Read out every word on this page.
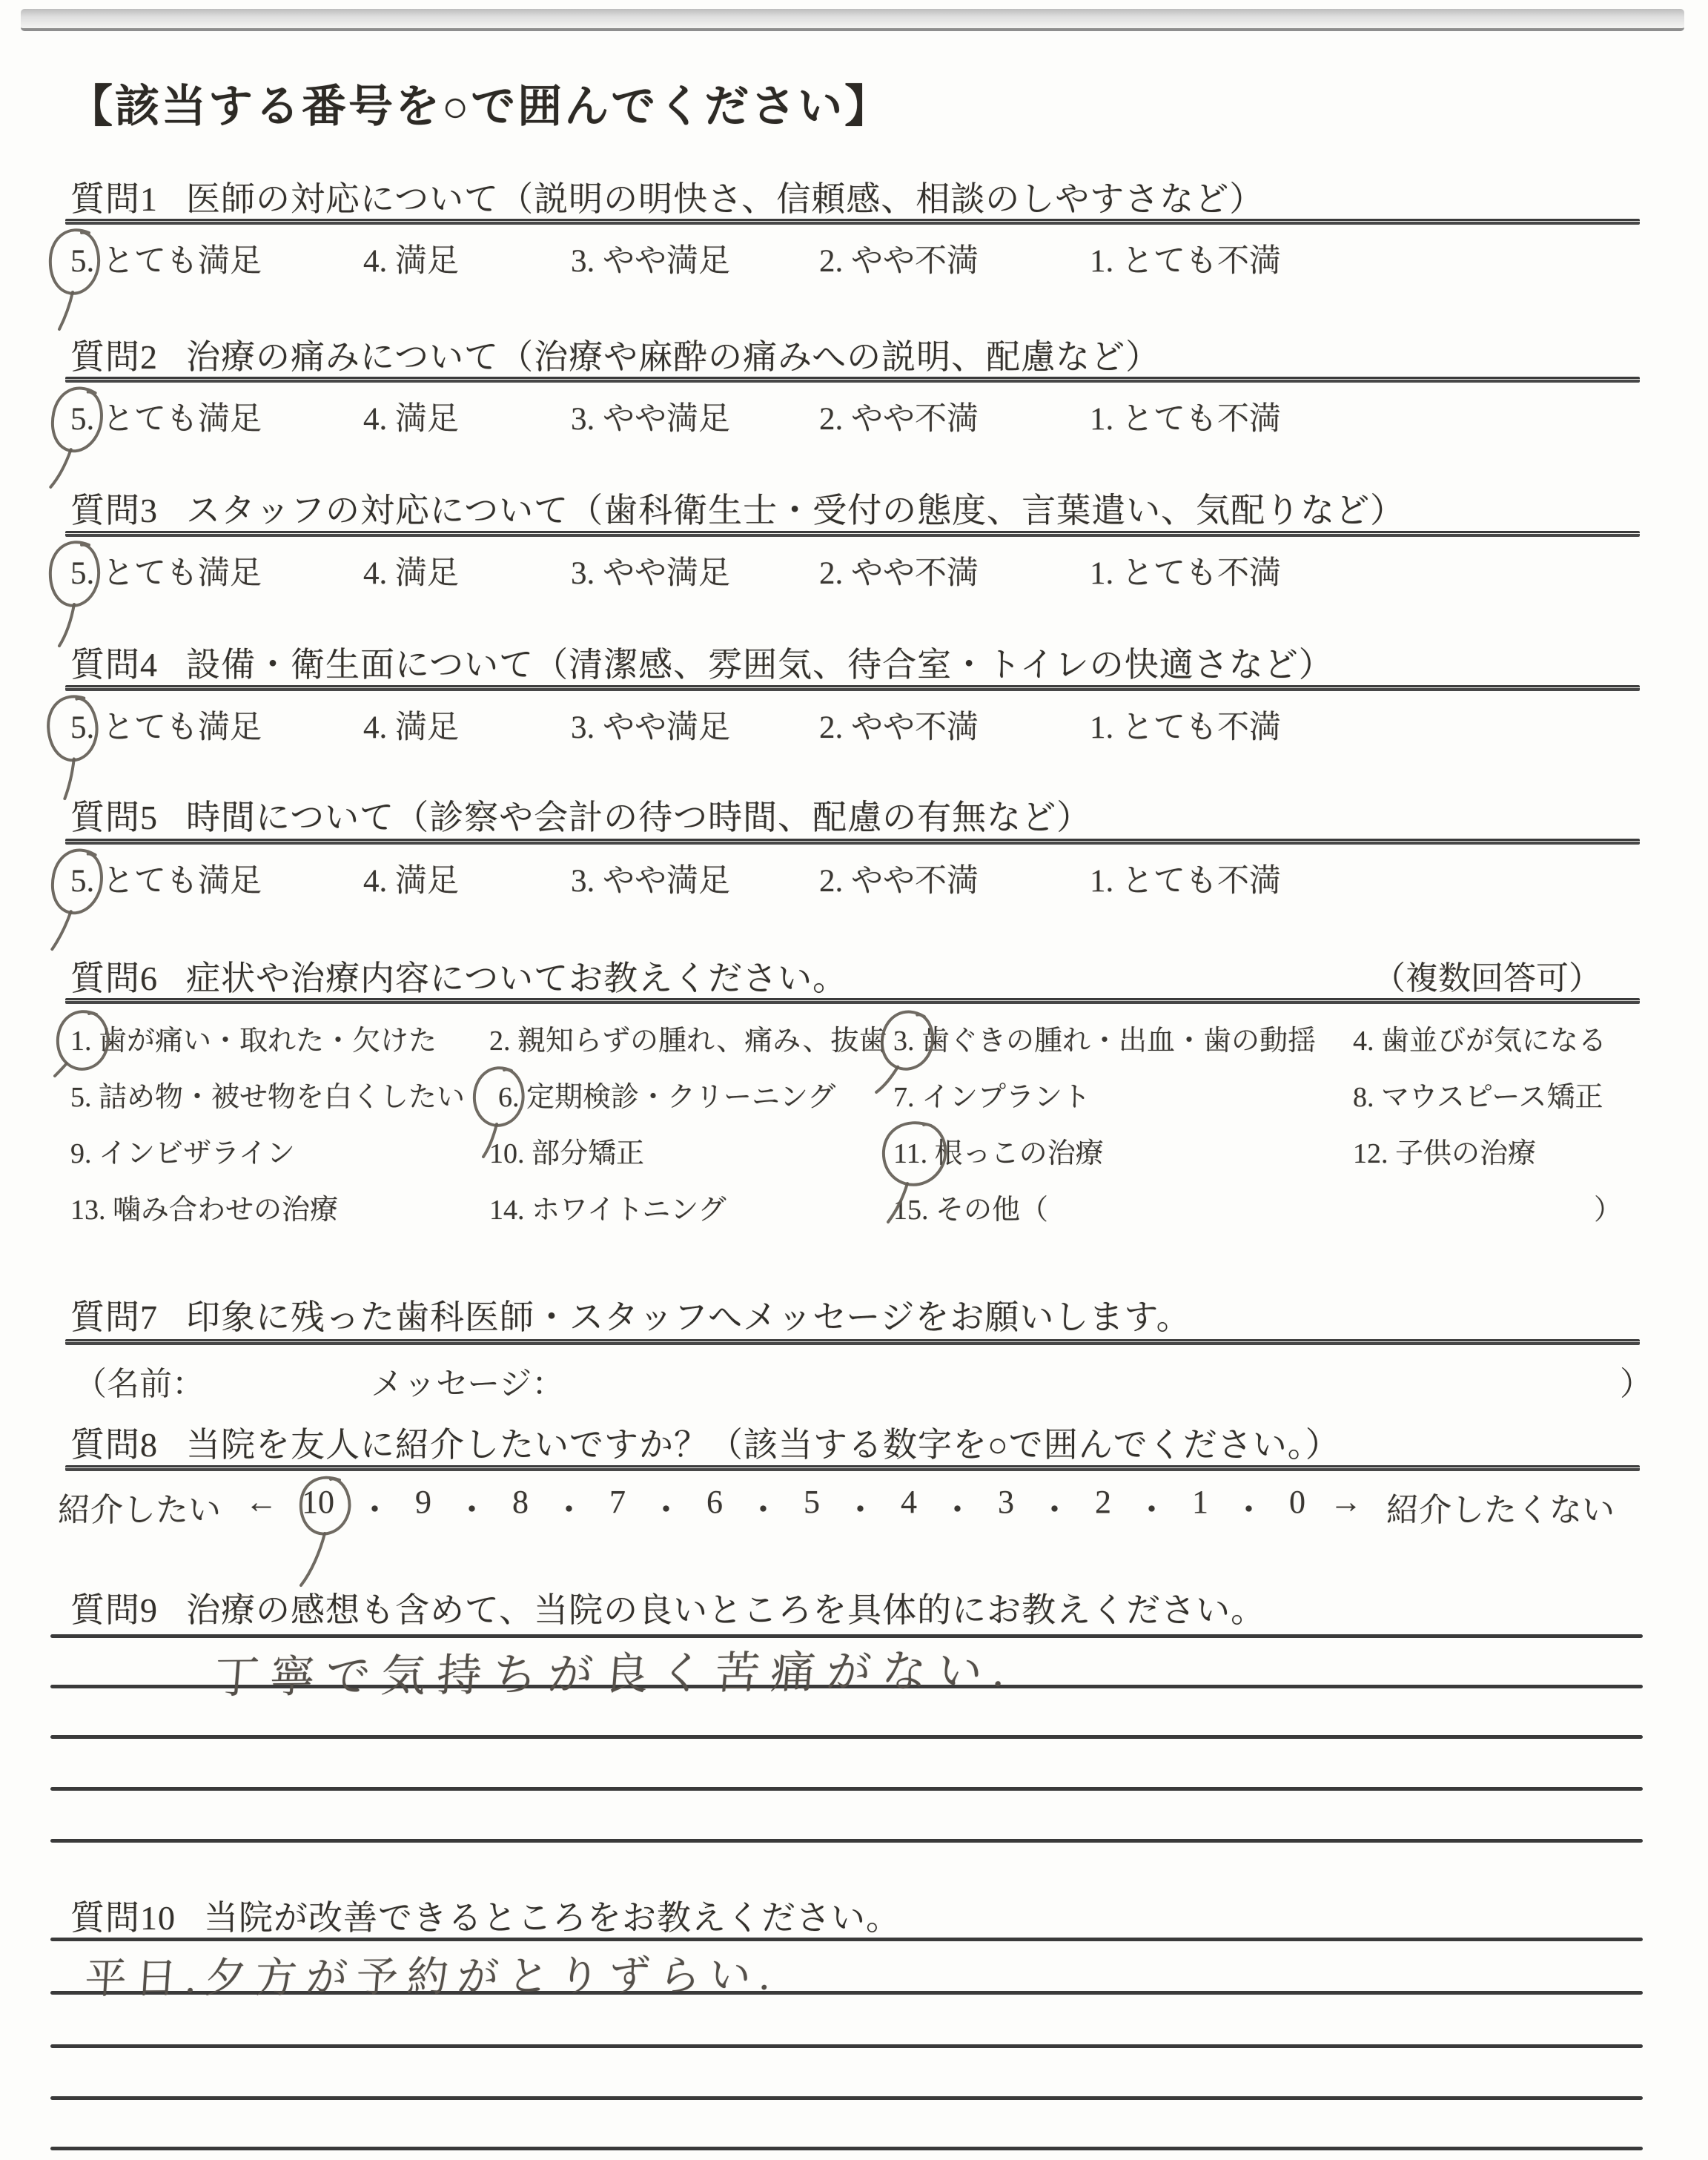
【該当する番号を○で囲んでください】
質問1 医師の対応について（説明の明快さ、信頼感、相談のしやすさなど）
5. とても満足	4. 満足	3. やや満足	2. やや不満	1. とても不満
質問2 治療の痛みについて（治療や麻酔の痛みへの説明、配慮など）
5. とても満足	4. 満足	3. やや満足	2. やや不満	1. とても不満
質問3 スタッフの対応について（歯科衛生士・受付の態度、言葉遣い、気配りなど）
5. とても満足	4. 満足	3. やや満足	2. やや不満	1. とても不満
質問4 設備・衛生面について（清潔感、雰囲気、待合室・トイレの快適さなど）
5. とても満足	4. 満足	3. やや満足	2. やや不満	1. とても不満
質問5 時間について（診察や会計の待つ時間、配慮の有無など）
5. とても満足	4. 満足	3. やや満足	2. やや不満	1. とても不満
質問6 症状や治療内容についてお教えください。	（複数回答可）
1. 歯が痛い・取れた・欠けた 2. 親知らずの腫れ、痛み、抜歯 3. 歯ぐきの腫れ・出血・歯の動揺 4. 歯並びが気になる
5. 詰め物・被せ物を白くしたい 6. 定期検診・クリーニング 7. インプラント	8. マウスピース矯正
9. インビザライン	10. 部分矯正	11. 根っこの治療	12. 子供の治療
13. 噛み合わせの治療	14. ホワイトニング	15. その他（	）
質問7 印象に残った歯科医師・スタッフへメッセージをお願いします。
（名前：	メッセージ：	）
質問8 当院を友人に紹介したいですか？（該当する数字を○で囲んでください。）
紹介したい ← 10 ・ 9 ・ 8 ・ 7 ・ 6 ・ 5 ・ 4 ・ 3 ・ 2 ・ 1 ・ 0 → 紹介したくない
質問9 治療の感想も含めて、当院の良いところを具体的にお教えください。
丁寧で気持ちが良く苦痛がない.
質問10 当院が改善できるところをお教えください。
平日.夕方が予約がとりずらい.
